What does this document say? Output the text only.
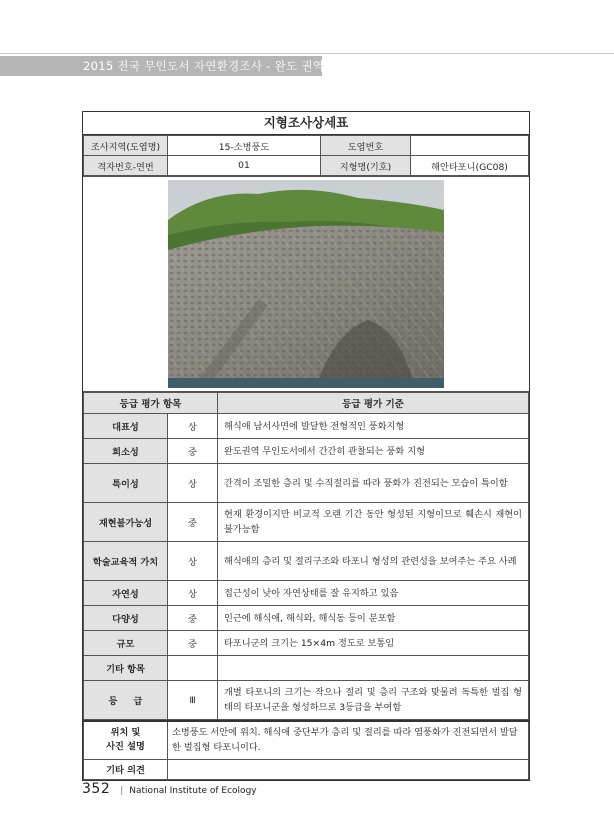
2015 전국 무인도서 자연환경조사 - 완도 권역
지형조사상세표
조사지역(도엽명)	15-소병풍도	도엽번호	
격자번호-연번	01	지형명(기호)	해안타포니(GC08)
등급 평가 항목		등급 평가 기준
대표성	상	해식애 남서사면에 발달한 전형적인 풍화지형
희소성	중	완도권역 무인도서에서 간간히 관찰되는 풍화 지형
특이성	상	간격이 조밀한 층리 및 수직절리를 따라 풍화가 진전되는 모습이 특이함
재현불가능성	중	현재 환경이지만 비교적 오랜 기간 동안 형성된 지형이므로 훼손시 재현이 불가능함
학술교육적 가치	상	해식애의 층리 및 절리구조와 타포니 형성의 관련성을 보여주는 주요 사례
자연성	상	접근성이 낮아 자연상태를 잘 유지하고 있음
다양성	중	인근에 해식애, 해식와, 해식동 등이 분포함
규모	중	타포니군의 크기는 15×4m 정도로 보통임
기타 항목		
등     급	Ⅲ	개별 타포니의 크기는 작으나 절리 및 층리 구조와 맞물려 독특한 벌집 형태의 타포니군을 형성하므로 3등급을 부여함
위치 및
사진 설명	소병풍도 서안에 위치. 해식애 중단부가 층리 및 절리를 따라 염풍화가 진전되면서 발달한 벌집형 타포니이다.
기타 의견	
352 | National Institute of Ecology
